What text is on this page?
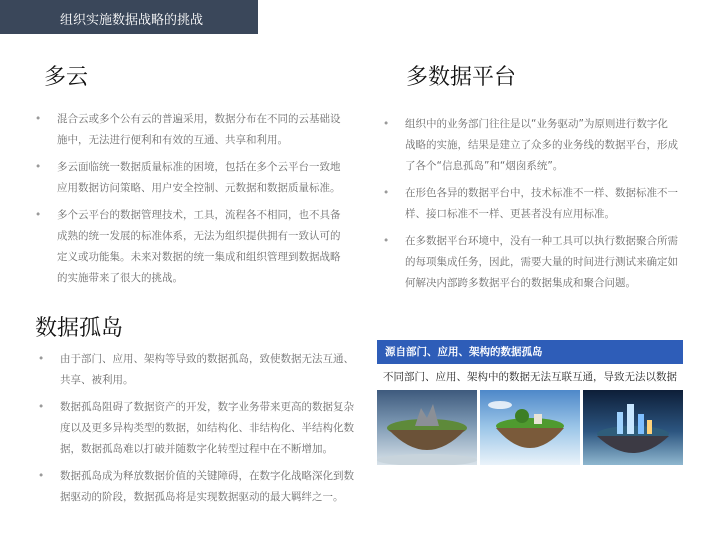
组织实施数据战略的挑战
多云
• 混合云或多个公有云的普遍采用，数据分布在不同的云基础设
施中，无法进行便利和有效的互通、共享和利用。
• 多云面临统一数据质量标准的困境，包括在多个云平台一致地
应用数据访问策略、用户安全控制、元数据和数据质量标准。
• 多个云平台的数据管理技术，工具，流程各不相同，也不具备
成熟的统一发展的标准体系，无法为组织提供拥有一致认可的
定义或功能集。未来对数据的统一集成和组织管理到数据战略
的实施带来了很大的挑战。
多数据平台
• 组织中的业务部门往往是以“业务驱动”为原则进行数字化
战略的实施，结果是建立了众多的业务线的数据平台，形成
了各个“信息孤岛”和“烟囱系统”。
• 在形色各异的数据平台中，技术标准不一样、数据标准不一
样、接口标准不一样、更甚者没有应用标准。
• 在多数据平台环境中，没有一种工具可以执行数据聚合所需
的每项集成任务，因此，需要大量的时间进行测试来确定如
何解决内部跨多数据平台的数据集成和聚合问题。
数据孤岛
• 由于部门、应用、架构等导致的数据孤岛，致使数据无法互通、
共享、被利用。
• 数据孤岛阻碍了数据资产的开发，数字业务带来更高的数据复杂
度以及更多异构类型的数据，如结构化、非结构化、半结构化数
据，数据孤岛难以打破并随数字化转型过程中在不断增加。
• 数据孤岛成为释放数据价值的关键障碍，在数字化战略深化到数
据驱动的阶段，数据孤岛将是实现数据驱动的最大羁绊之一。
源自部门、应用、架构的数据孤岛
不同部门、应用、架构中的数据无法互联互通，导致无法以数据
